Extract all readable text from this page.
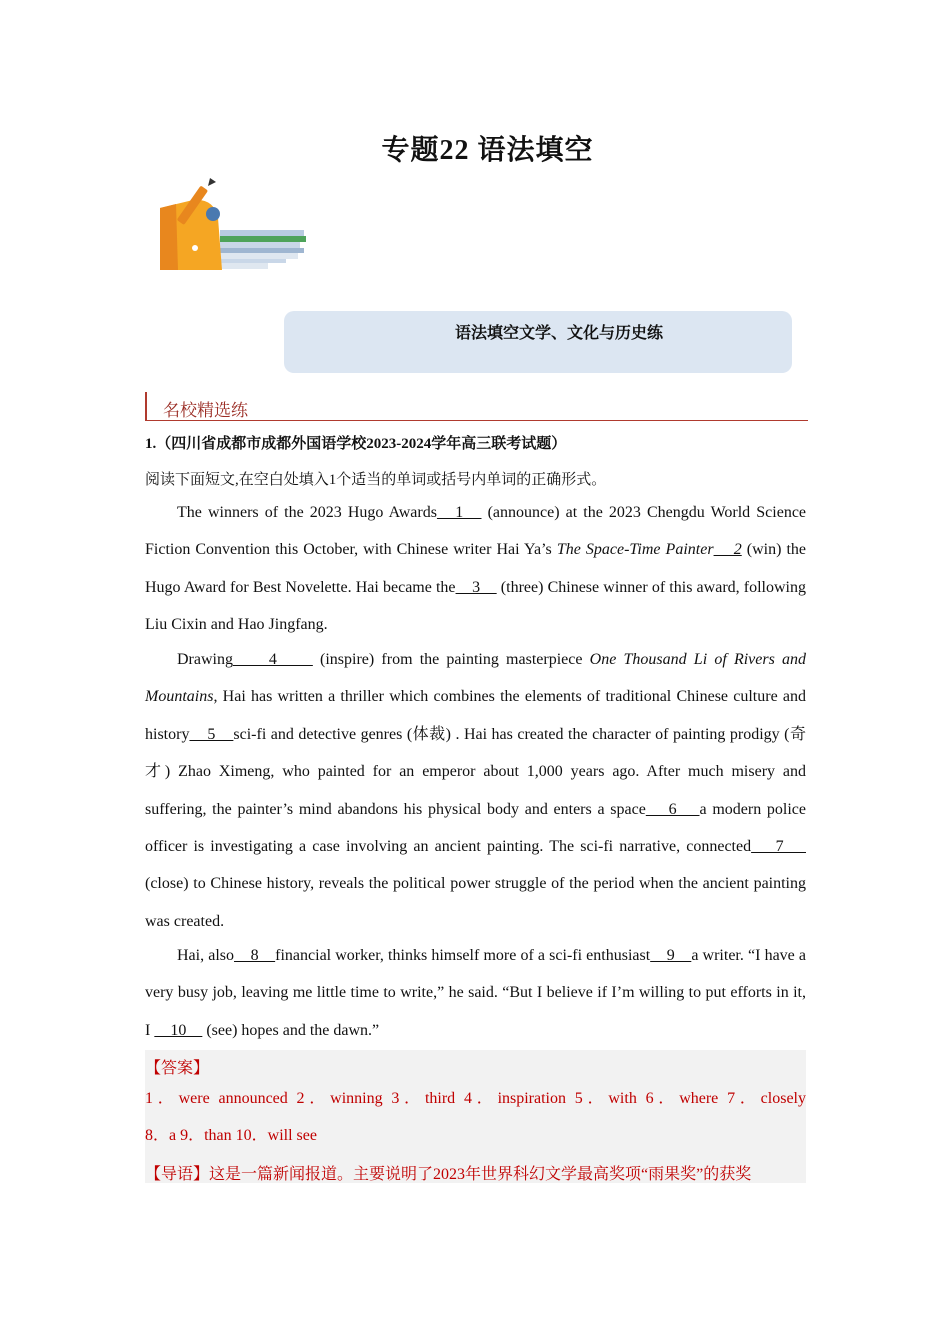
专题22 语法填空
语法填空文学、文化与历史练
名校精选练
1.（四川省成都市成都外国语学校2023-2024学年高三联考试题）
阅读下面短文,在空白处填入1个适当的单词或括号内单词的正确形式。

The winners of the 2023 Hugo Awards   1    (announce) at the 2023 Chengdu World Science Fiction Convention this October, with Chinese writer Hai Ya’s The Space-Time Painter    2 (win) the Hugo Award for Best Novelette. Hai became the    3     (three) Chinese winner of this award, following Liu Cixin and Hao Jingfang.

Drawing     4      (inspire) from the painting masterpiece One Thousand Li of Rivers and Mountains, Hai has written a thriller which combines the elements of traditional Chinese culture and history    5    sci-fi and detective genres (体裁) . Hai has created the character of painting prodigy (奇才) Zhao Ximeng, who painted for an emperor about 1,000 years ago. After much misery and suffering, the painter’s mind abandons his physical body and enters a space    6    a modern police officer is investigating a case involving an ancient painting. The sci-fi narrative, connected    7     (close) to Chinese history, reveals the political power struggle of the period when the ancient painting was created.

Hai, also    8    financial worker, thinks himself more of a sci-fi enthusiast    9    a writer. “I have a very busy job, leaving me little time to write,” he said. “But I believe if I’m willing to put efforts in it, I     10     (see) hopes and the dawn.”

【答案】
1．were announced 2．winning 3．third 4．inspiration 5．with 6．where 7．closely
8．a 9．than 10．will see
【导语】这是一篇新闻报道。主要说明了2023年世界科幻文学最高奖项“雨果奖”的获奖
